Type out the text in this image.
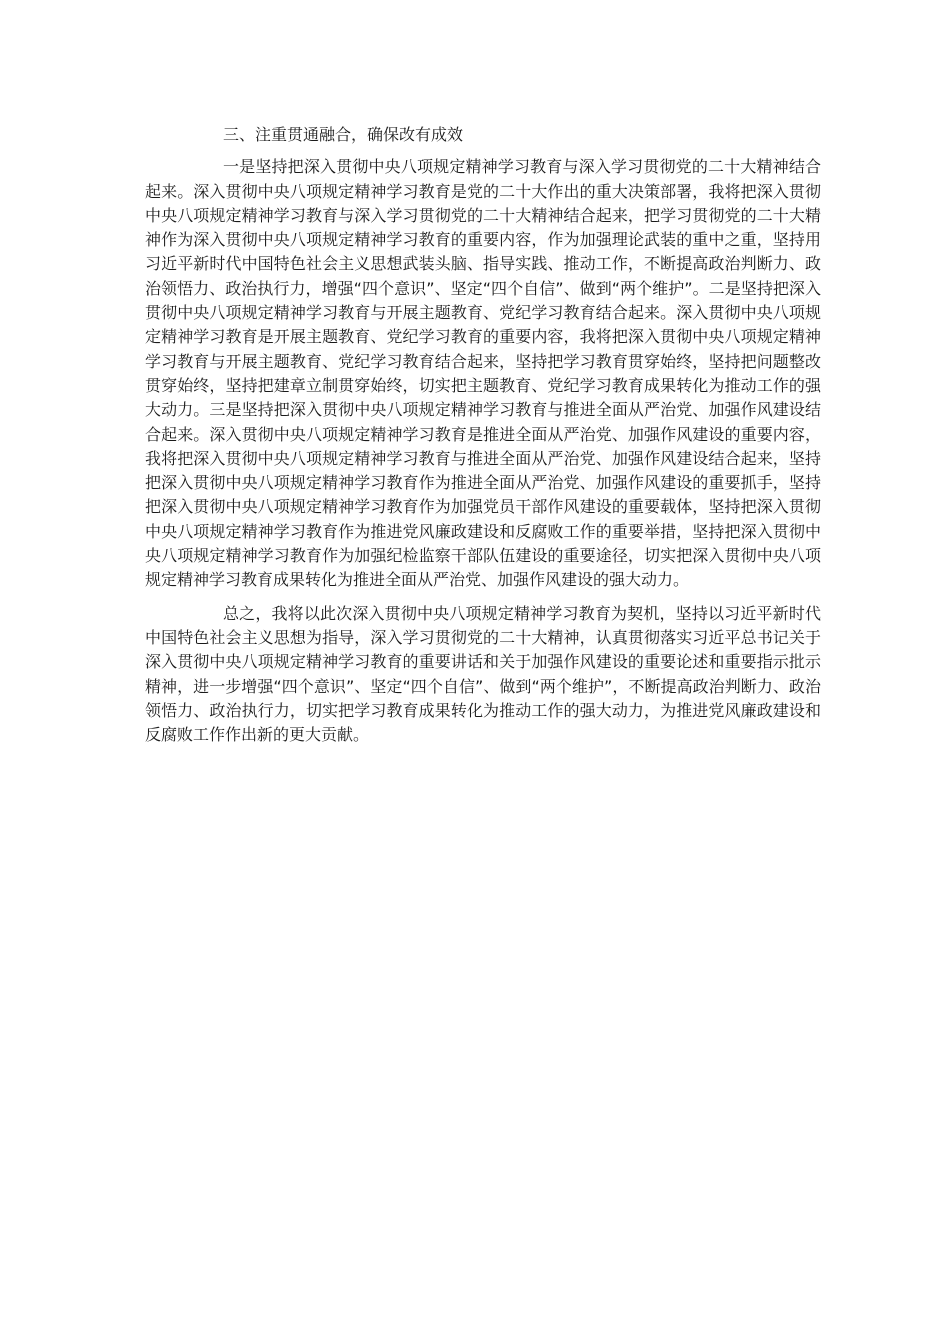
三、注重贯通融合，确保改有成效

一是坚持把深入贯彻中央八项规定精神学习教育与深入学习贯彻党的二十大精神结合起来。深入贯彻中央八项规定精神学习教育是党的二十大作出的重大决策部署，我将把深入贯彻中央八项规定精神学习教育与深入学习贯彻党的二十大精神结合起来，把学习贯彻党的二十大精神作为深入贯彻中央八项规定精神学习教育的重要内容，作为加强理论武装的重中之重，坚持用习近平新时代中国特色社会主义思想武装头脑、指导实践、推动工作，不断提高政治判断力、政治领悟力、政治执行力，增强“四个意识”、坚定“四个自信”、做到“两个维护”。二是坚持把深入贯彻中央八项规定精神学习教育与开展主题教育、党纪学习教育结合起来。深入贯彻中央八项规定精神学习教育是开展主题教育、党纪学习教育的重要内容，我将把深入贯彻中央八项规定精神学习教育与开展主题教育、党纪学习教育结合起来，坚持把学习教育贯穿始终，坚持把问题整改贯穿始终，坚持把建章立制贯穿始终，切实把主题教育、党纪学习教育成果转化为推动工作的强大动力。三是坚持把深入贯彻中央八项规定精神学习教育与推进全面从严治党、加强作风建设结合起来。深入贯彻中央八项规定精神学习教育是推进全面从严治党、加强作风建设的重要内容，我将把深入贯彻中央八项规定精神学习教育与推进全面从严治党、加强作风建设结合起来，坚持把深入贯彻中央八项规定精神学习教育作为推进全面从严治党、加强作风建设的重要抓手，坚持把深入贯彻中央八项规定精神学习教育作为加强党员干部作风建设的重要载体，坚持把深入贯彻中央八项规定精神学习教育作为推进党风廉政建设和反腐败工作的重要举措，坚持把深入贯彻中央八项规定精神学习教育作为加强纪检监察干部队伍建设的重要途径，切实把深入贯彻中央八项规定精神学习教育成果转化为推进全面从严治党、加强作风建设的强大动力。

总之，我将以此次深入贯彻中央八项规定精神学习教育为契机，坚持以习近平新时代中国特色社会主义思想为指导，深入学习贯彻党的二十大精神，认真贯彻落实习近平总书记关于深入贯彻中央八项规定精神学习教育的重要讲话和关于加强作风建设的重要论述和重要指示批示精神，进一步增强“四个意识”、坚定“四个自信”、做到“两个维护”，不断提高政治判断力、政治领悟力、政治执行力，切实把学习教育成果转化为推动工作的强大动力，为推进党风廉政建设和反腐败工作作出新的更大贡献。
